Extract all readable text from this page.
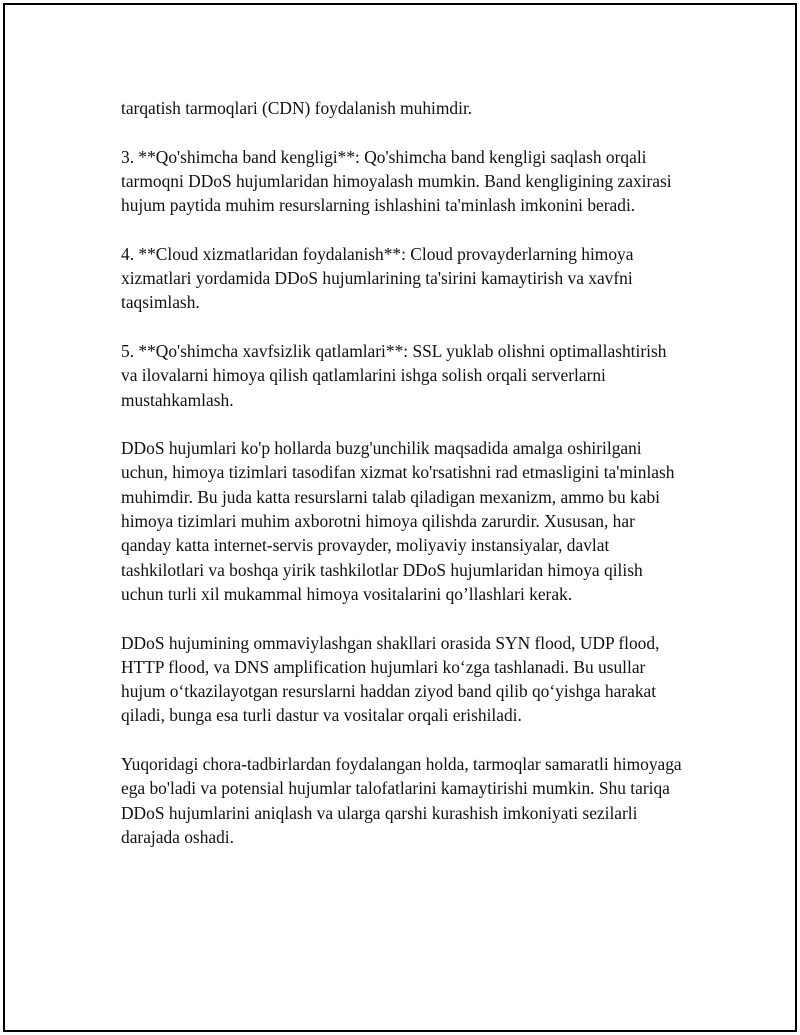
tarqatish tarmoqlari (CDN) foydalanish muhimdir.

3. **Qo'shimcha band kengligi**: Qo'shimcha band kengligi saqlash orqali tarmoqni DDoS hujumlaridan himoyalash mumkin. Band kengligining zaxirasi hujum paytida muhim resurslarning ishlashini ta'minlash imkonini beradi.

4. **Cloud xizmatlaridan foydalanish**: Cloud provayderlarning himoya xizmatlari yordamida DDoS hujumlarining ta'sirini kamaytirish va xavfni taqsimlash.

5. **Qo'shimcha xavfsizlik qatlamlari**: SSL yuklab olishni optimallashtirish va ilovalarni himoya qilish qatlamlarini ishga solish orqali serverlarni mustahkamlash.

DDoS hujumlari ko'p hollarda buzg'unchilik maqsadida amalga oshirilgani uchun, himoya tizimlari tasodifan xizmat ko'rsatishni rad etmasligini ta'minlash muhimdir. Bu juda katta resurslarni talab qiladigan mexanizm, ammo bu kabi himoya tizimlari muhim axborotni himoya qilishda zarurdir. Xususan, har qanday katta internet-servis provayder, moliyaviy instansiyalar, davlat tashkilotlari va boshqa yirik tashkilotlar DDoS hujumlaridan himoya qilish uchun turli xil mukammal himoya vositalarini qo’llashlari kerak.

DDoS hujumining ommaviylashgan shakllari orasida SYN flood, UDP flood, HTTP flood, va DNS amplification hujumlari ko‘zga tashlanadi. Bu usullar hujum o‘tkazilayotgan resurslarni haddan ziyod band qilib qo‘yishga harakat qiladi, bunga esa turli dastur va vositalar orqali erishiladi.

Yuqoridagi chora-tadbirlardan foydalangan holda, tarmoqlar samaratli himoyaga ega bo'ladi va potensial hujumlar talofatlarini kamaytirishi mumkin. Shu tariqa DDoS hujumlarini aniqlash va ularga qarshi kurashish imkoniyati sezilarli darajada oshadi.
